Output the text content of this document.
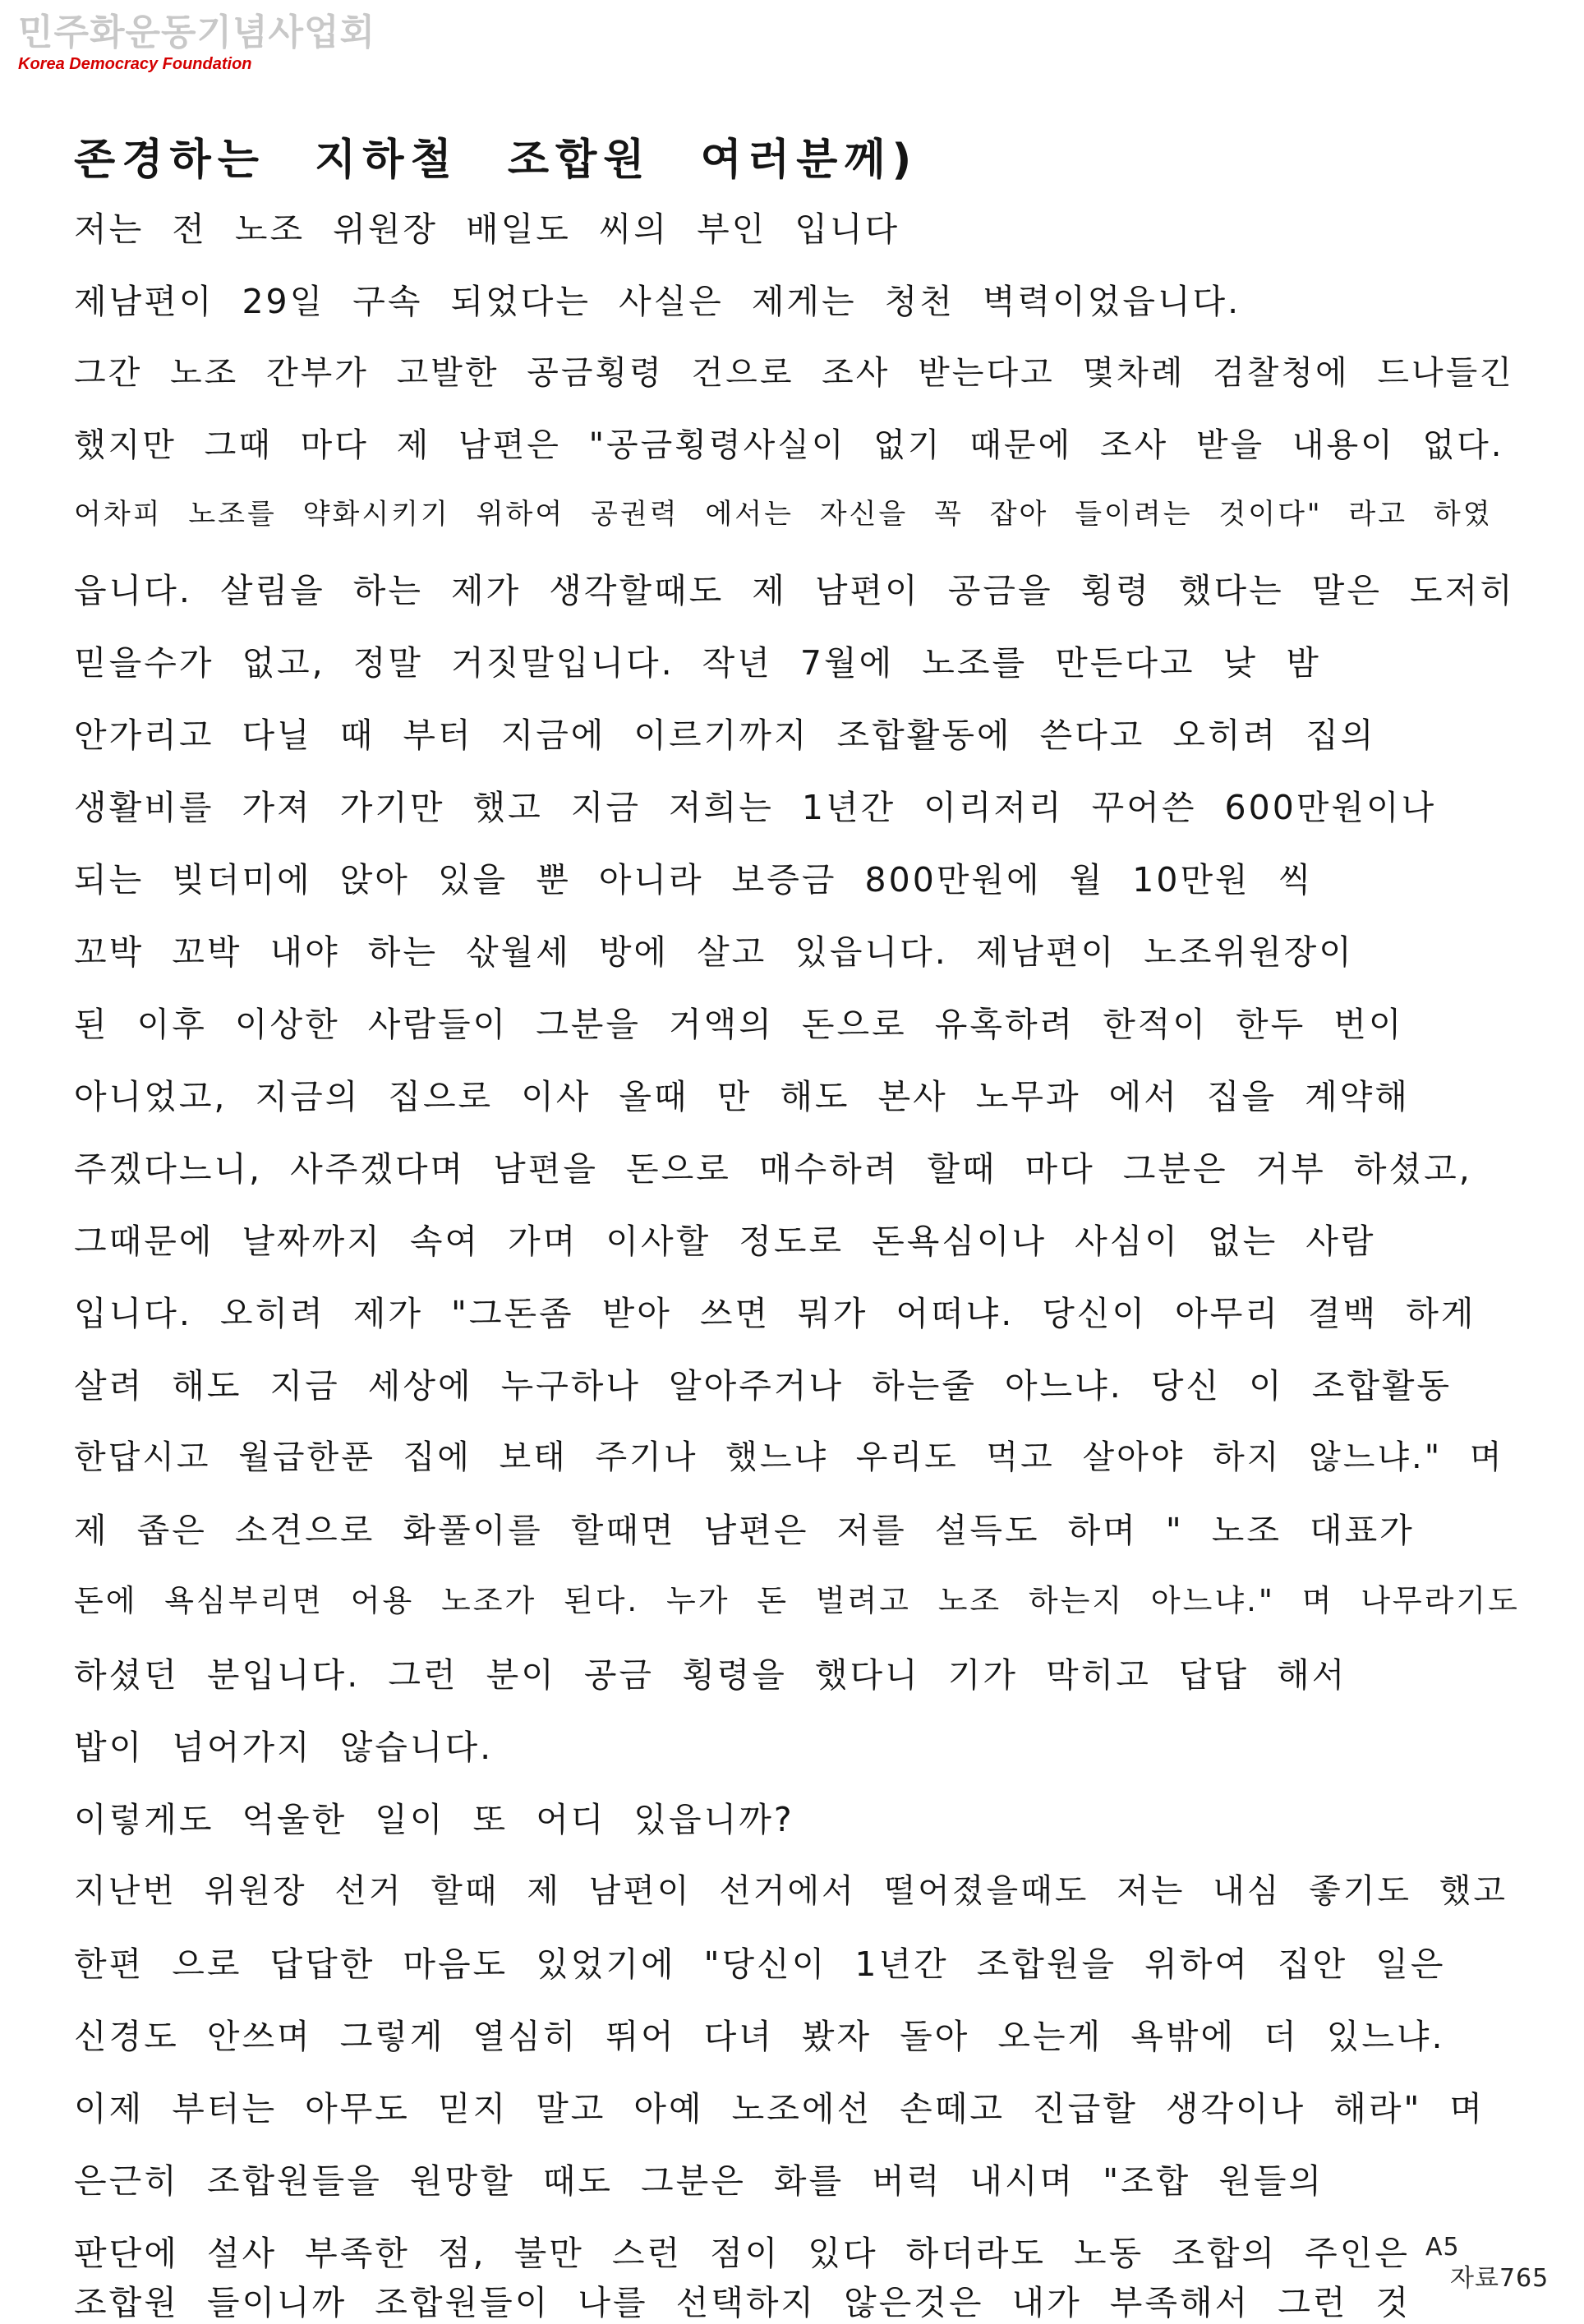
민주화운동기념사업회
Korea Democracy Foundation
존경하는 지하철 조합원 여러분께)
저는 전 노조 위원장 배일도 씨의 부인 입니다
제남편이 29일 구속 되었다는 사실은 제게는 청천 벽력이었읍니다.
그간 노조 간부가 고발한 공금횡령 건으로 조사 받는다고 몇차례 검찰청에 드나들긴
했지만 그때 마다 제 남편은 "공금횡령사실이 없기 때문에 조사 받을 내용이 없다.
어차피 노조를 약화시키기 위하여 공권력 에서는 자신을 꼭 잡아 들이려는 것이다" 라고 하였
읍니다. 살림을 하는 제가 생각할때도 제 남편이 공금을 횡령 했다는 말은 도저히
믿을수가 없고, 정말 거짓말입니다. 작년 7월에 노조를 만든다고 낮 밤
안가리고 다닐 때 부터 지금에 이르기까지 조합활동에 쓴다고 오히려 집의
생활비를 가져 가기만 했고 지금 저희는 1년간 이리저리 꾸어쓴 600만원이나
되는 빚더미에 앉아 있을 뿐 아니라 보증금 800만원에 월 10만원 씩
꼬박 꼬박 내야 하는 삯월세 방에 살고 있읍니다. 제남편이 노조위원장이
된 이후 이상한 사람들이 그분을 거액의 돈으로 유혹하려 한적이 한두 번이
아니었고, 지금의 집으로 이사 올때 만 해도 본사 노무과 에서 집을 계약해
주겠다느니, 사주겠다며 남편을 돈으로 매수하려 할때 마다 그분은 거부 하셨고,
그때문에 날짜까지 속여 가며 이사할 정도로 돈욕심이나 사심이 없는 사람
입니다. 오히려 제가 "그돈좀 받아 쓰면 뭐가 어떠냐. 당신이 아무리 결백 하게
살려 해도 지금 세상에 누구하나 알아주거나 하는줄 아느냐. 당신 이 조합활동
한답시고 월급한푼 집에 보태 주기나 했느냐 우리도 먹고 살아야 하지 않느냐." 며
제 좁은 소견으로 화풀이를 할때면 남편은 저를 설득도 하며 " 노조 대표가
돈에 욕심부리면 어용 노조가 된다. 누가 돈 벌려고 노조 하는지 아느냐." 며 나무라기도
하셨던 분입니다. 그런 분이 공금 횡령을 했다니 기가 막히고 답답 해서
밥이 넘어가지 않습니다.
이렇게도 억울한 일이 또 어디 있읍니까?
지난번 위원장 선거 할때 제 남편이 선거에서 떨어졌을때도 저는 내심 좋기도 했고
한편 으로 답답한 마음도 있었기에 "당신이 1년간 조합원을 위하여 집안 일은
신경도 안쓰며 그렇게 열심히 뛰어 다녀 봤자 돌아 오는게 욕밖에 더 있느냐.
이제 부터는 아무도 믿지 말고 아예 노조에선 손떼고 진급할 생각이나 해라" 며
은근히 조합원들을 원망할 때도 그분은 화를 버럭 내시며 "조합 원들의
판단에 설사 부족한 점, 불만 스런 점이 있다 하더라도 노동 조합의 주인은
조합원 들이니까 조합원들이 나를 선택하지 않은것은 내가 부족해서 그런 것
A5
자료765
